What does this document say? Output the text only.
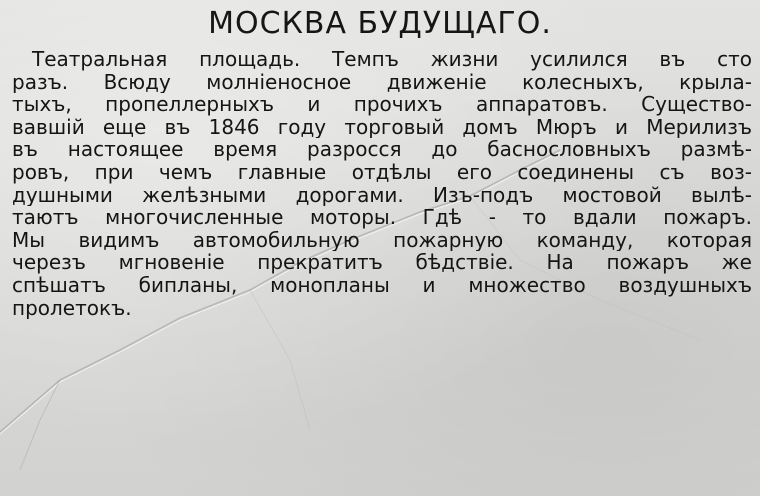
МОСКВА БУДУЩАГО.
Театральная площадь. Темпъ жизни усилился въ сто
разъ. Всюду молніеносное движеніе колесныхъ, крыла-
тыхъ, пропеллерныхъ и прочихъ аппаратовъ. Существо-
вавшій еще въ 1846 году торговый домъ Мюръ и Мерилизъ
въ настоящее время разросся до баснословныхъ размѣ-
ровъ, при чемъ главные отдѣлы его соединены съ воз-
душными желѣзными дорогами. Изъ-подъ мостовой вылѣ-
таютъ многочисленные моторы. Гдѣ - то вдали пожаръ.
Мы видимъ автомобильную пожарную команду, которая
черезъ мгновеніе прекратитъ бѣдствіе. На пожаръ же
спѣшатъ бипланы, монопланы и множество воздушныхъ
пролетокъ.
